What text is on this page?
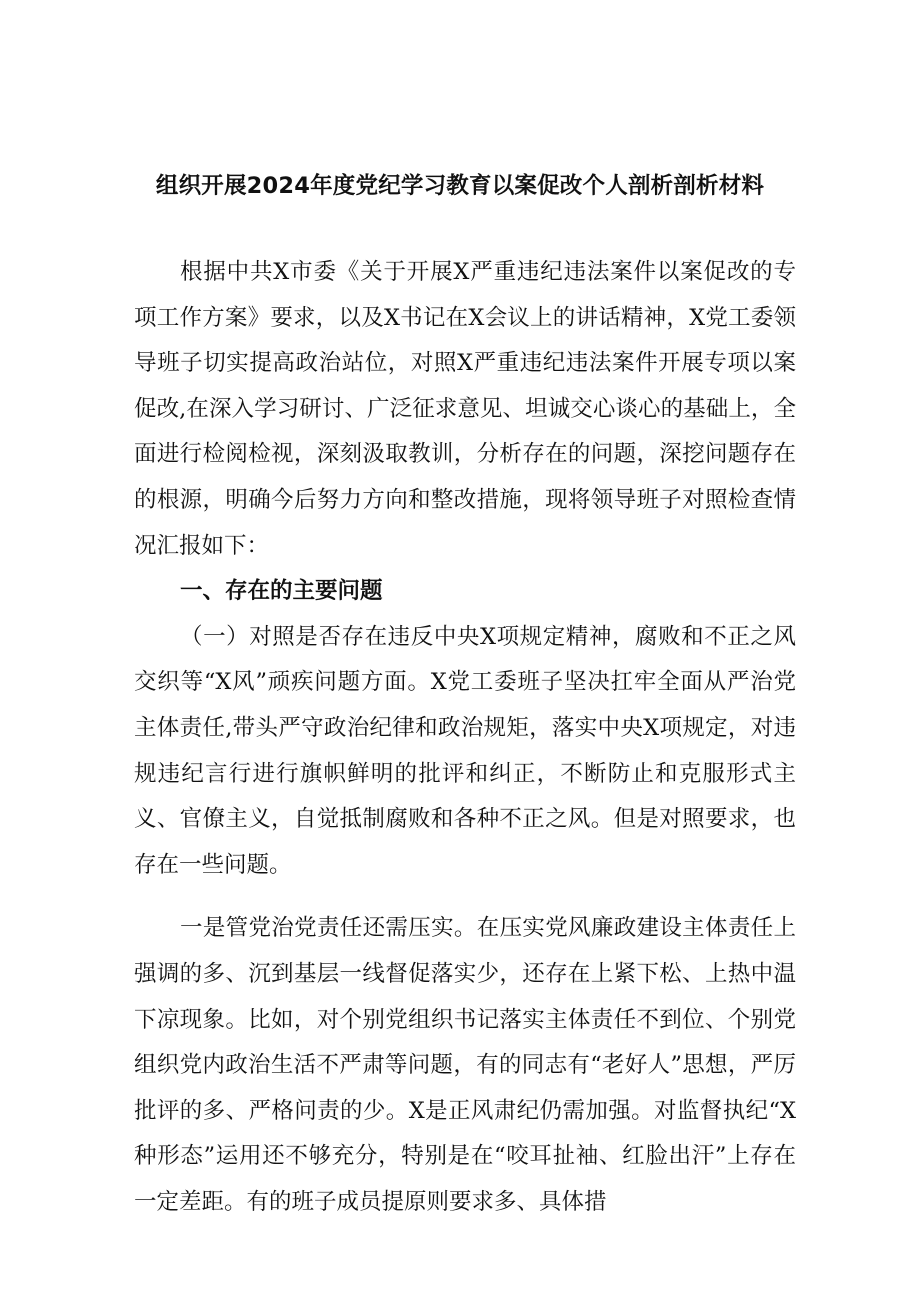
组织开展2024年度党纪学习教育以案促改个人剖析剖析材料

根据中共X市委《关于开展X严重违纪违法案件以案促改的专项工作方案》要求，以及X书记在X会议上的讲话精神，X党工委领导班子切实提高政治站位，对照X严重违纪违法案件开展专项以案促改,在深入学习研讨、广泛征求意见、坦诚交心谈心的基础上，全面进行检阅检视，深刻汲取教训，分析存在的问题，深挖问题存在的根源，明确今后努力方向和整改措施，现将领导班子对照检查情况汇报如下：

一、存在的主要问题

（一）对照是否存在违反中央X项规定精神，腐败和不正之风交织等“X风”顽疾问题方面。X党工委班子坚决扛牢全面从严治党主体责任,带头严守政治纪律和政治规矩，落实中央X项规定，对违规违纪言行进行旗帜鲜明的批评和纠正，不断防止和克服形式主义、官僚主义，自觉抵制腐败和各种不正之风。但是对照要求，也存在一些问题。

一是管党治党责任还需压实。在压实党风廉政建设主体责任上强调的多、沉到基层一线督促落实少，还存在上紧下松、上热中温下凉现象。比如，对个别党组织书记落实主体责任不到位、个别党组织党内政治生活不严肃等问题，有的同志有“老好人”思想，严厉批评的多、严格问责的少。X是正风肃纪仍需加强。对监督执纪“X种形态”运用还不够充分，特别是在“咬耳扯袖、红脸出汗”上存在一定差距。有的班子成员提原则要求多、具体措
